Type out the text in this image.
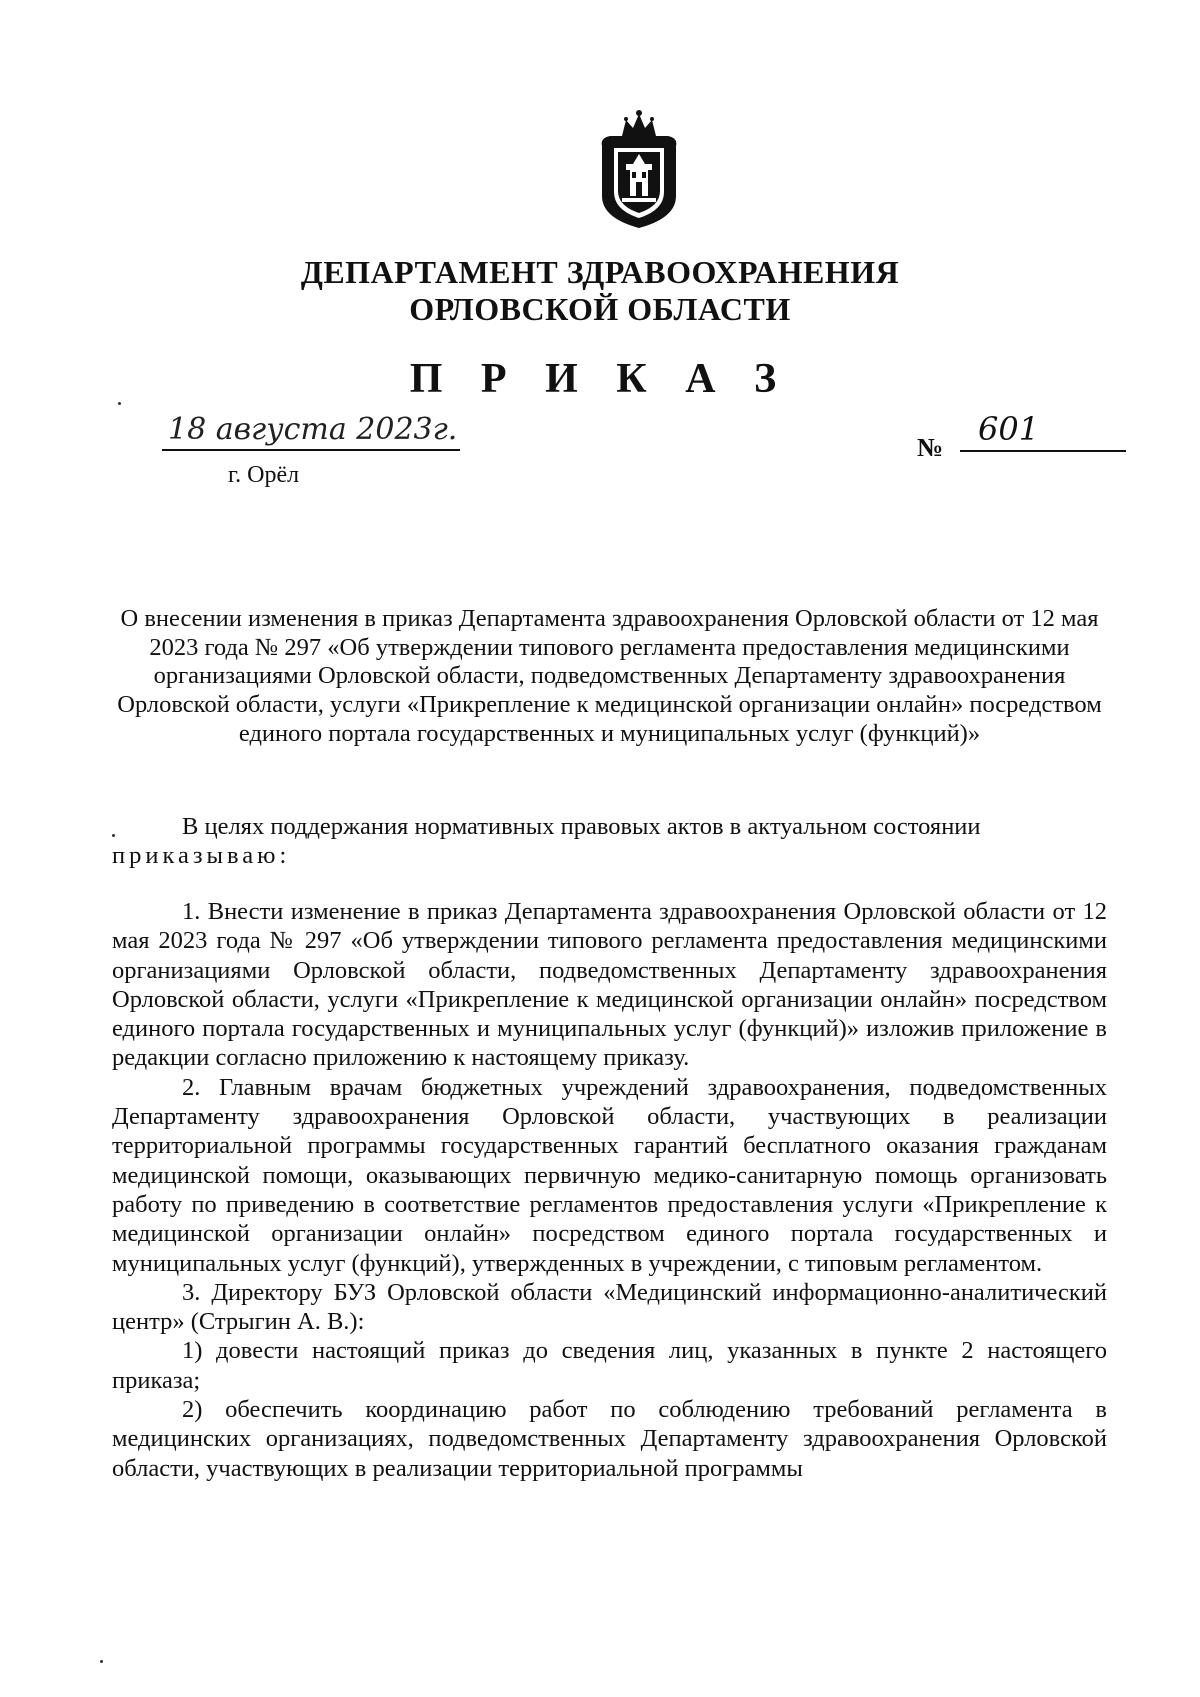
ДЕПАРТАМЕНТ ЗДРАВООХРАНЕНИЯ
ОРЛОВСКОЙ ОБЛАСТИ
П Р И К А З
18 августа 2023г.
г. Орёл
№	601
О внесении изменения в приказ Департамента здравоохранения Орловской области от 12 мая 2023 года № 297 «Об утверждении типового регламента предоставления медицинскими организациями Орловской области, подведомственных Департаменту здравоохранения Орловской области, услуги «Прикрепление к медицинской организации онлайн» посредством единого портала государственных и муниципальных услуг (функций)»

В целях поддержания нормативных правовых актов в актуальном состоянии

приказываю:

1. Внести изменение в приказ Департамента здравоохранения Орловской области от 12 мая 2023 года № 297 «Об утверждении типового регламента предоставления медицинскими организациями Орловской области, подведомственных Департаменту здравоохранения Орловской области, услуги «Прикрепление к медицинской организации онлайн» посредством единого портала государственных и муниципальных услуг (функций)» изложив приложение в редакции согласно приложению к настоящему приказу.

2. Главным врачам бюджетных учреждений здравоохранения, подведомственных Департаменту здравоохранения Орловской области, участвующих в реализации территориальной программы государственных гарантий бесплатного оказания гражданам медицинской помощи, оказывающих первичную медико-санитарную помощь организовать работу по приведению в соответствие регламентов предоставления услуги «Прикрепление к медицинской организации онлайн» посредством единого портала государственных и муниципальных услуг (функций), утвержденных в учреждении, с типовым регламентом.

3. Директору БУЗ Орловской области «Медицинский информационно-аналитический центр» (Стрыгин А. В.):

1) довести настоящий приказ до сведения лиц, указанных в пункте 2 настоящего приказа;

2) обеспечить координацию работ по соблюдению требований регламента в медицинских организациях, подведомственных Департаменту здравоохранения Орловской области, участвующих в реализации территориальной программы
